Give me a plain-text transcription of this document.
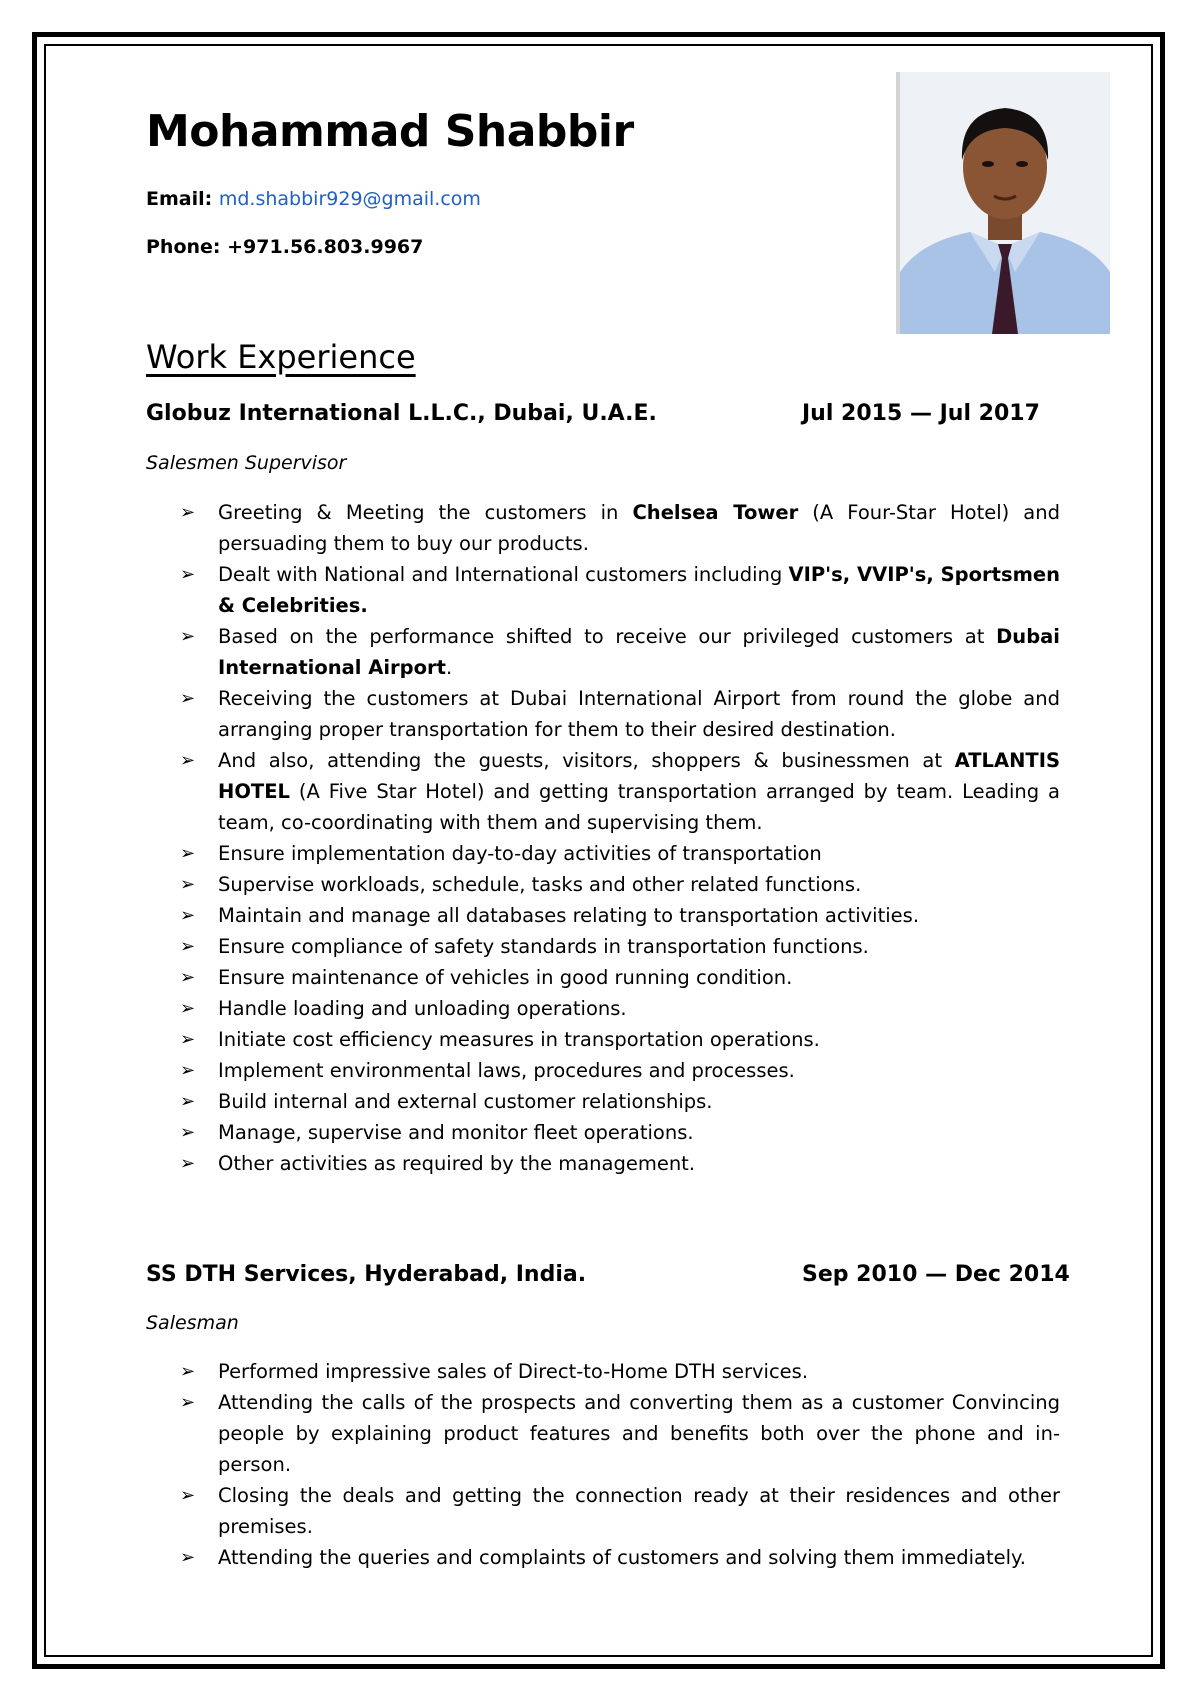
Mohammad Shabbir
Email: md.shabbir929@gmail.com
Phone: +971.56.803.9967
Work Experience
Globuz International L.L.C., Dubai, U.A.E.	Jul 2015 — Jul 2017
Salesmen Supervisor
➢ Greeting & Meeting the customers in Chelsea Tower (A Four-Star Hotel) and persuading them to buy our products.
➢ Dealt with National and International customers including VIP's, VVIP's, Sportsmen & Celebrities.
➢ Based on the performance shifted to receive our privileged customers at Dubai International Airport.
➢ Receiving the customers at Dubai International Airport from round the globe and arranging proper transportation for them to their desired destination.
➢ And also, attending the guests, visitors, shoppers & businessmen at ATLANTIS HOTEL (A Five Star Hotel) and getting transportation arranged by team. Leading a team, co-coordinating with them and supervising them.
➢ Ensure implementation day-to-day activities of transportation
➢ Supervise workloads, schedule, tasks and other related functions.
➢ Maintain and manage all databases relating to transportation activities.
➢ Ensure compliance of safety standards in transportation functions.
➢ Ensure maintenance of vehicles in good running condition.
➢ Handle loading and unloading operations.
➢ Initiate cost efficiency measures in transportation operations.
➢ Implement environmental laws, procedures and processes.
➢ Build internal and external customer relationships.
➢ Manage, supervise and monitor fleet operations.
➢ Other activities as required by the management.
SS DTH Services, Hyderabad, India.	Sep 2010 — Dec 2014
Salesman
➢ Performed impressive sales of Direct-to-Home DTH services.
➢ Attending the calls of the prospects and converting them as a customer Convincing people by explaining product features and benefits both over the phone and in-person.
➢ Closing the deals and getting the connection ready at their residences and other premises.
➢ Attending the queries and complaints of customers and solving them immediately.
